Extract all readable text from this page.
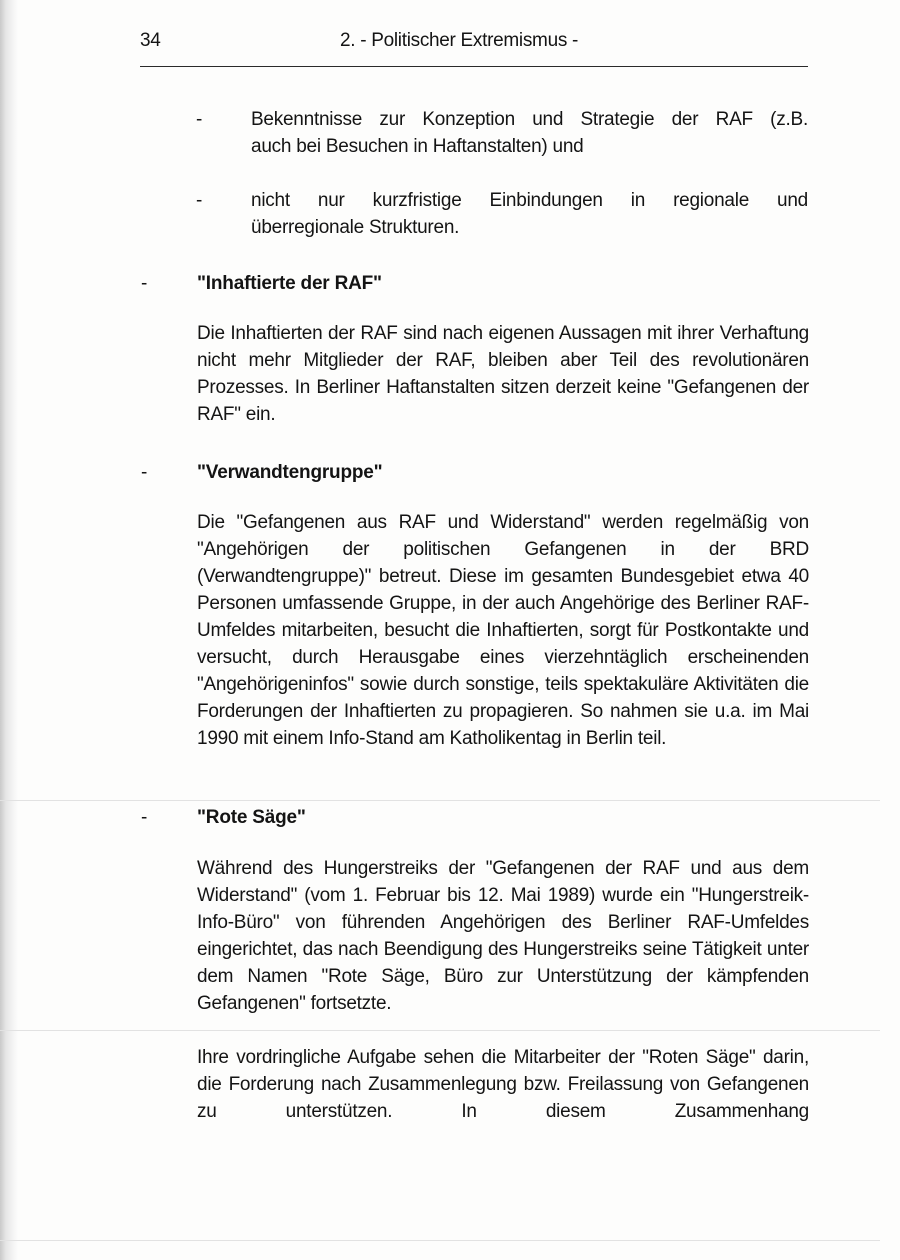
34	2. - Politischer Extremismus -
-	Bekenntnisse zur Konzeption und Strategie der RAF (z.B.

auch bei Besuchen in Haftanstalten) und

-	nicht nur kurzfristige Einbindungen in regionale und

überregionale Strukturen.

-	"Inhaftierte der RAF"

Die Inhaftierten der RAF sind nach eigenen Aussagen mit ihrer Verhaftung nicht mehr Mitglieder der RAF, bleiben aber Teil des revolutionären Prozesses. In Berliner Haftanstalten sitzen derzeit keine "Gefangenen der RAF" ein.

-	"Verwandtengruppe"

Die "Gefangenen aus RAF und Widerstand" werden regelmäßig von "Angehörigen der politischen Gefangenen in der BRD (Verwandtengruppe)" betreut. Diese im gesamten Bundesgebiet etwa 40 Personen umfassende Gruppe, in der auch Angehörige des Berliner RAF-Umfeldes mitarbeiten, besucht die Inhaftierten, sorgt für Postkontakte und versucht, durch Herausgabe eines vierzehntäglich erscheinenden "Angehörigeninfos" sowie durch sonstige, teils spektakuläre Aktivitäten die Forderungen der Inhaftierten zu propagieren. So nahmen sie u.a. im Mai 1990 mit einem Info-Stand am Katholikentag in Berlin teil.

-	"Rote Säge"

Während des Hungerstreiks der "Gefangenen der RAF und aus dem Widerstand" (vom 1. Februar bis 12. Mai 1989) wurde ein "Hungerstreik-Info-Büro" von führenden Angehörigen des Berliner RAF-Umfeldes eingerichtet, das nach Beendigung des Hungerstreiks seine Tätigkeit unter dem Namen "Rote Säge, Büro zur Unterstützung der kämpfenden Gefangenen" fortsetzte.

Ihre vordringliche Aufgabe sehen die Mitarbeiter der "Roten Säge" darin, die Forderung nach Zusammenlegung bzw. Freilassung von Gefangenen zu unterstützen. In diesem Zusammenhang
